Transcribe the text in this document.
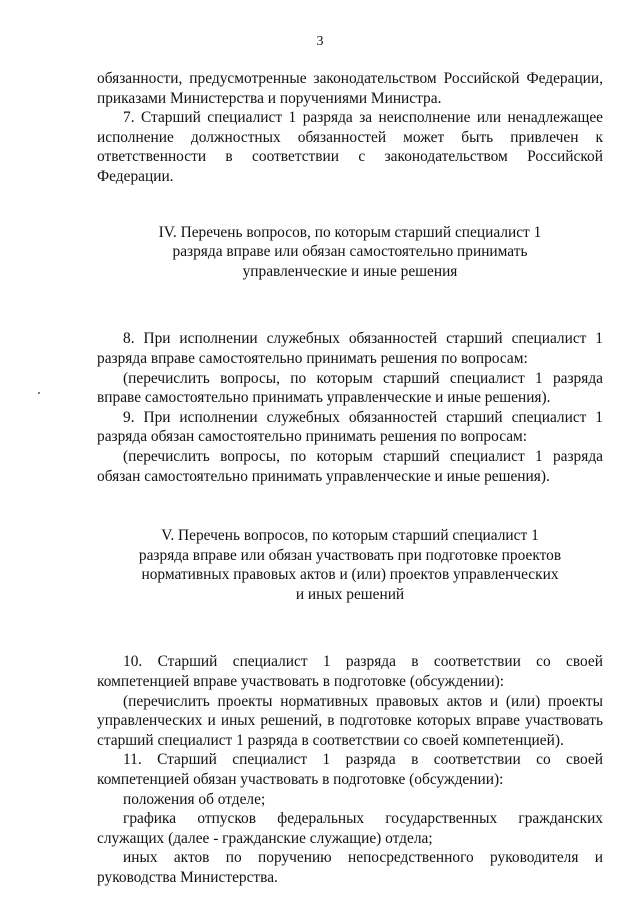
3

обязанности, предусмотренные законодательством Российской Федерации, приказами Министерства и поручениями Министра.

7. Старший специалист 1 разряда за неисполнение или ненадлежащее исполнение должностных обязанностей может быть привлечен к ответственности в соответствии с законодательством Российской Федерации.

IV. Перечень вопросов, по которым старший специалист 1 разряда вправе или обязан самостоятельно принимать управленческие и иные решения

8. При исполнении служебных обязанностей старший специалист 1 разряда вправе самостоятельно принимать решения по вопросам:

(перечислить вопросы, по которым старший специалист 1 разряда вправе самостоятельно принимать управленческие и иные решения).

9. При исполнении служебных обязанностей старший специалист 1 разряда обязан самостоятельно принимать решения по вопросам:

(перечислить вопросы, по которым старший специалист 1 разряда обязан самостоятельно принимать управленческие и иные решения).

V. Перечень вопросов, по которым старший специалист 1 разряда вправе или обязан участвовать при подготовке проектов нормативных правовых актов и (или) проектов управленческих и иных решений

10. Старший специалист 1 разряда в соответствии со своей компетенцией вправе участвовать в подготовке (обсуждении):

(перечислить проекты нормативных правовых актов и (или) проекты управленческих и иных решений, в подготовке которых вправе участвовать старший специалист 1 разряда в соответствии со своей компетенцией).

11. Старший специалист 1 разряда в соответствии со своей компетенцией обязан участвовать в подготовке (обсуждении):

положения об отделе;

графика отпусков федеральных государственных гражданских служащих (далее - гражданские служащие) отдела;

иных актов по поручению непосредственного руководителя и руководства Министерства.
